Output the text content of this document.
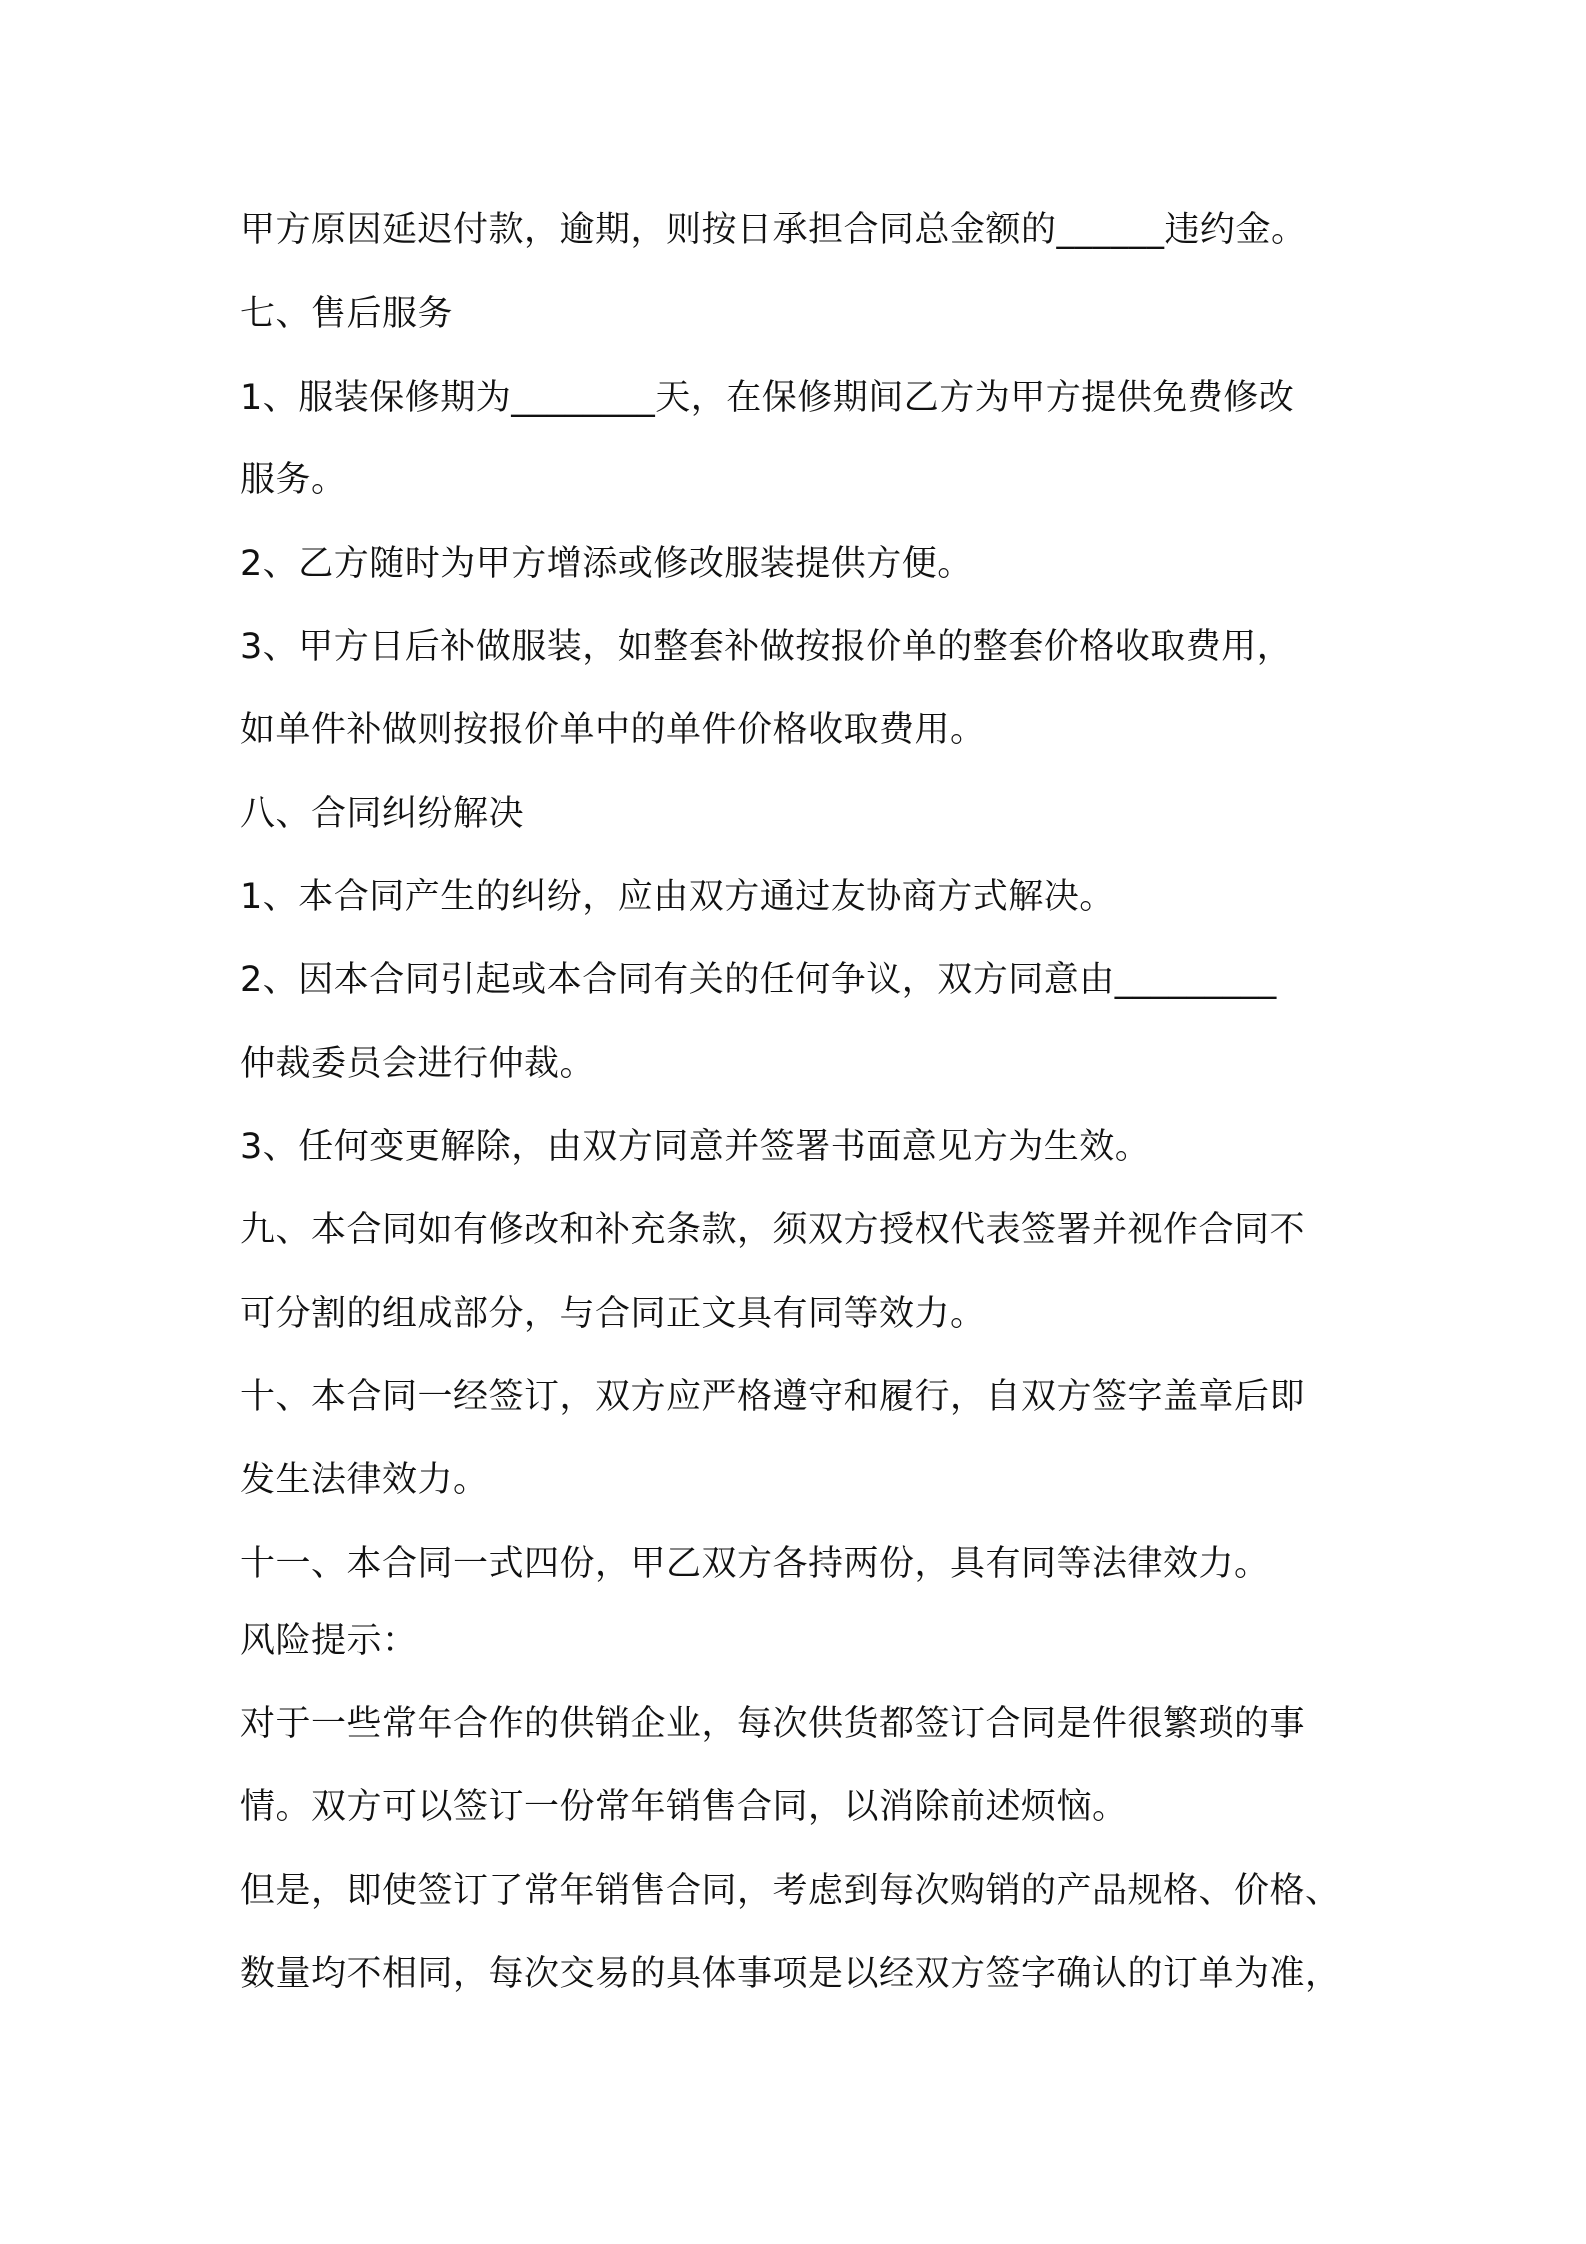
甲方原因延迟付款，逾期，则按日承担合同总金额的______违约金。
七、售后服务
1、服装保修期为________天，在保修期间乙方为甲方提供免费修改
服务。
2、乙方随时为甲方增添或修改服装提供方便。
3、甲方日后补做服装，如整套补做按报价单的整套价格收取费用，
如单件补做则按报价单中的单件价格收取费用。
八、合同纠纷解决
1、本合同产生的纠纷，应由双方通过友协商方式解决。
2、因本合同引起或本合同有关的任何争议，双方同意由_________
仲裁委员会进行仲裁。
3、任何变更解除，由双方同意并签署书面意见方为生效。
九、本合同如有修改和补充条款，须双方授权代表签署并视作合同不
可分割的组成部分，与合同正文具有同等效力。
十、本合同一经签订，双方应严格遵守和履行，自双方签字盖章后即
发生法律效力。
十一、本合同一式四份，甲乙双方各持两份，具有同等法律效力。
风险提示：
对于一些常年合作的供销企业，每次供货都签订合同是件很繁琐的事
情。双方可以签订一份常年销售合同，以消除前述烦恼。
但是，即使签订了常年销售合同，考虑到每次购销的产品规格、价格、
数量均不相同，每次交易的具体事项是以经双方签字确认的订单为准，
